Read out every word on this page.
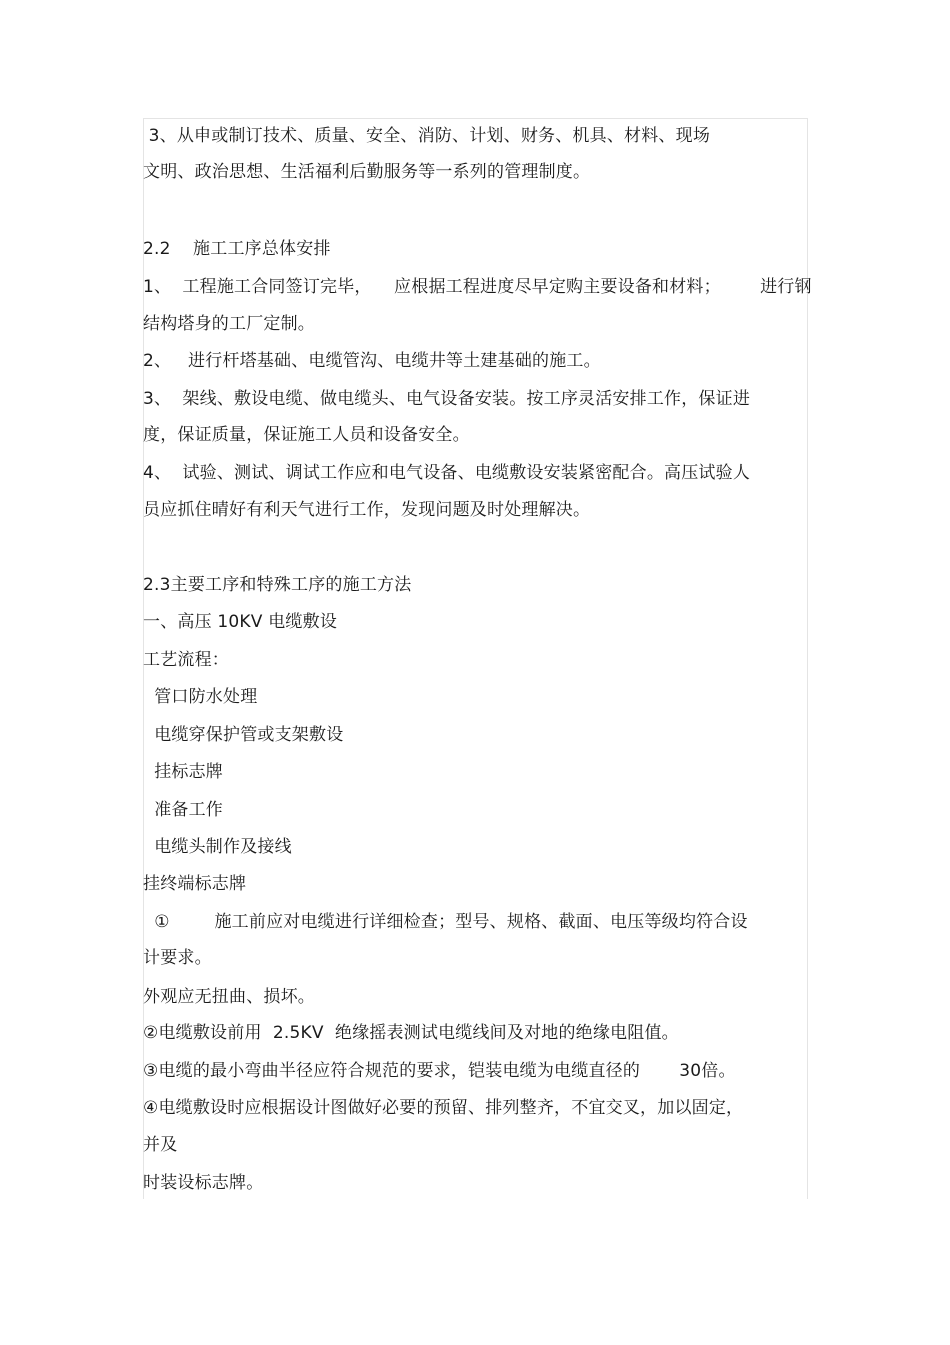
3、从申或制订技术、质量、安全、消防、计划、财务、机具、材料、现场
文明、政治思想、生活福利后勤服务等一系列的管理制度。
2.2    施工工序总体安排
1、  工程施工合同签订完毕，    应根据工程进度尽早定购主要设备和材料；       进行钢
结构塔身的工厂定制。
2、   进行杆塔基础、电缆管沟、电缆井等土建基础的施工。
3、  架线、敷设电缆、做电缆头、电气设备安装。按工序灵活安排工作，保证进
度，保证质量，保证施工人员和设备安全。
4、  试验、测试、调试工作应和电气设备、电缆敷设安装紧密配合。高压试验人
员应抓住晴好有利天气进行工作，发现问题及时处理解决。
2.3主要工序和特殊工序的施工方法
一、高压 10KV 电缆敷设
工艺流程：
管口防水处理
电缆穿保护管或支架敷设
挂标志牌
准备工作
电缆头制作及接线
挂终端标志牌
①        施工前应对电缆进行详细检查；型号、规格、截面、电压等级均符合设
计要求。
外观应无扭曲、损坏。
②电缆敷设前用  2.5KV  绝缘摇表测试电缆线间及对地的绝缘电阻值。
③电缆的最小弯曲半径应符合规范的要求，铠装电缆为电缆直径的       30倍。
④电缆敷设时应根据设计图做好必要的预留、排列整齐，不宜交叉，加以固定，
并及
时装设标志牌。
